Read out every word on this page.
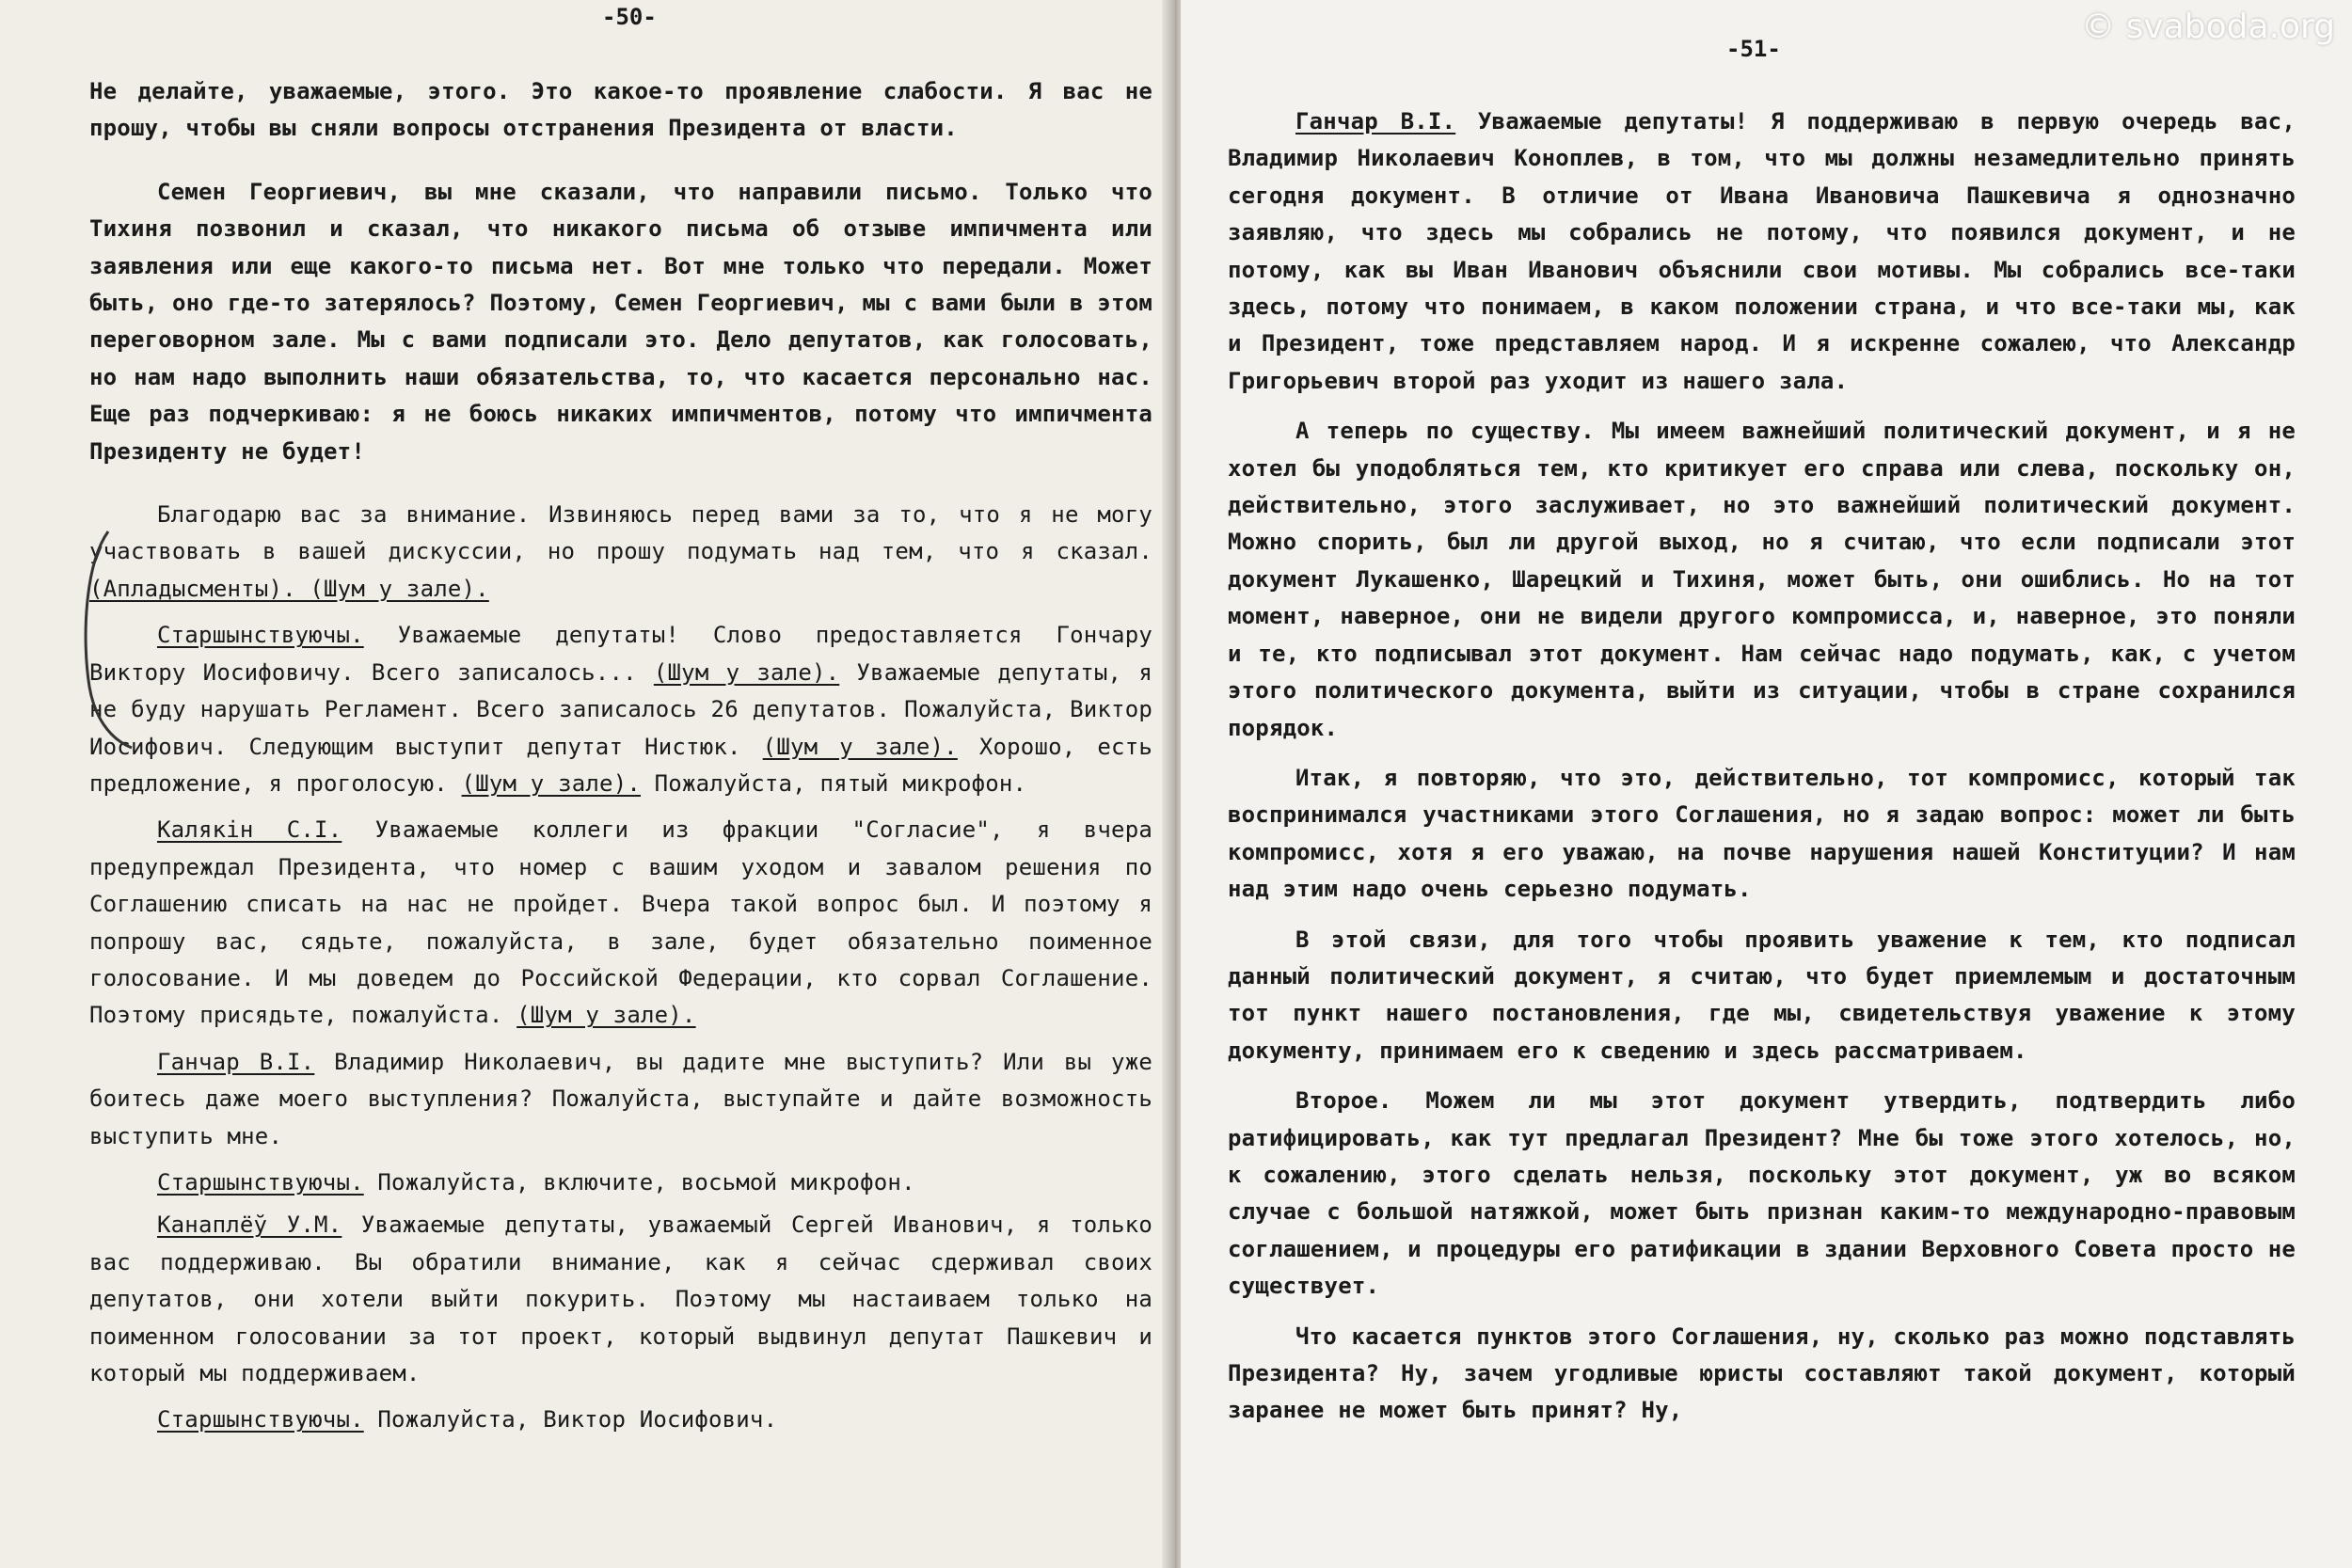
-50-

Не делайте, уважаемые, этого. Это какое-то проявление слабости. Я вас не прошу, чтобы вы сняли вопросы отстранения Президента от власти.

Семен Георгиевич, вы мне сказали, что направили письмо. Только что Тихиня позвонил и сказал, что никакого письма об отзыве импичмента или заявления или еще какого-то письма нет. Вот мне только что передали. Может быть, оно где-то затерялось? Поэтому, Семен Георгиевич, мы с вами были в этом переговорном зале. Мы с вами подписали это. Дело депутатов, как голосовать, но нам надо выполнить наши обязательства, то, что касается персонально нас. Еще раз подчеркиваю: я не боюсь никаких импичментов, потому что импичмента Президенту не будет!

Благодарю вас за внимание. Извиняюсь перед вами за то, что я не могу участвовать в вашей дискуссии, но прошу подумать над тем, что я сказал. (Апладысменты). (Шум у зале).

Старшынствуючы. Уважаемые депутаты! Слово предоставляется Гончару Виктору Иосифовичу. Всего записалось... (Шум у зале). Уважаемые депутаты, я не буду нарушать Регламент. Всего записалось 26 депутатов. Пожалуйста, Виктор Иосифович. Следующим выступит депутат Нистюк. (Шум у зале). Хорошо, есть предложение, я проголосую. (Шум у зале). Пожалуйста, пятый микрофон.

Калякін С.І. Уважаемые коллеги из фракции "Согласие", я вчера предупреждал Президента, что номер с вашим уходом и завалом решения по Соглашению списать на нас не пройдет. Вчера такой вопрос был. И поэтому я попрошу вас, сядьте, пожалуйста, в зале, будет обязательно поименное голосование. И мы доведем до Российской Федерации, кто сорвал Соглашение. Поэтому присядьте, пожалуйста. (Шум у зале).

Ганчар В.І. Владимир Николаевич, вы дадите мне выступить? Или вы уже боитесь даже моего выступления? Пожалуйста, выступайте и дайте возможность выступить мне.

Старшынствуючы. Пожалуйста, включите, восьмой микрофон.

Канаплёў У.М. Уважаемые депутаты, уважаемый Сергей Иванович, я только вас поддерживаю. Вы обратили внимание, как я сейчас сдерживал своих депутатов, они хотели выйти покурить. Поэтому мы настаиваем только на поименном голосовании за тот проект, который выдвинул депутат Пашкевич и который мы поддерживаем.

Старшынствуючы. Пожалуйста, Виктор Иосифович.

-51-

Ганчар В.І. Уважаемые депутаты! Я поддерживаю в первую очередь вас, Владимир Николаевич Коноплев, в том, что мы должны незамедлительно принять сегодня документ. В отличие от Ивана Ивановича Пашкевича я однозначно заявляю, что здесь мы собрались не потому, что появился документ, и не потому, как вы Иван Иванович объяснили свои мотивы. Мы собрались все-таки здесь, потому что понимаем, в каком положении страна, и что все-таки мы, как и Президент, тоже представляем народ. И я искренне сожалею, что Александр Григорьевич второй раз уходит из нашего зала.

А теперь по существу. Мы имеем важнейший политический документ, и я не хотел бы уподобляться тем, кто критикует его справа или слева, поскольку он, действительно, этого заслуживает, но это важнейший политический документ. Можно спорить, был ли другой выход, но я считаю, что если подписали этот документ Лукашенко, Шарецкий и Тихиня, может быть, они ошиблись. Но на тот момент, наверное, они не видели другого компромисса, и, наверное, это поняли и те, кто подписывал этот документ. Нам сейчас надо подумать, как, с учетом этого политического документа, выйти из ситуации, чтобы в стране сохранился порядок.

Итак, я повторяю, что это, действительно, тот компромисс, который так воспринимался участниками этого Соглашения, но я задаю вопрос: может ли быть компромисс, хотя я его уважаю, на почве нарушения нашей Конституции? И нам над этим надо очень серьезно подумать.

В этой связи, для того чтобы проявить уважение к тем, кто подписал данный политический документ, я считаю, что будет приемлемым и достаточным тот пункт нашего постановления, где мы, свидетельствуя уважение к этому документу, принимаем его к сведению и здесь рассматриваем.

Второе. Можем ли мы этот документ утвердить, подтвердить либо ратифицировать, как тут предлагал Президент? Мне бы тоже этого хотелось, но, к сожалению, этого сделать нельзя, поскольку этот документ, уж во всяком случае с большой натяжкой, может быть признан каким-то международно-правовым соглашением, и процедуры его ратификации в здании Верховного Совета просто не существует.

Что касается пунктов этого Соглашения, ну, сколько раз можно подставлять Президента? Ну, зачем угодливые юристы составляют такой документ, который заранее не может быть принят? Ну,

© svaboda.org
